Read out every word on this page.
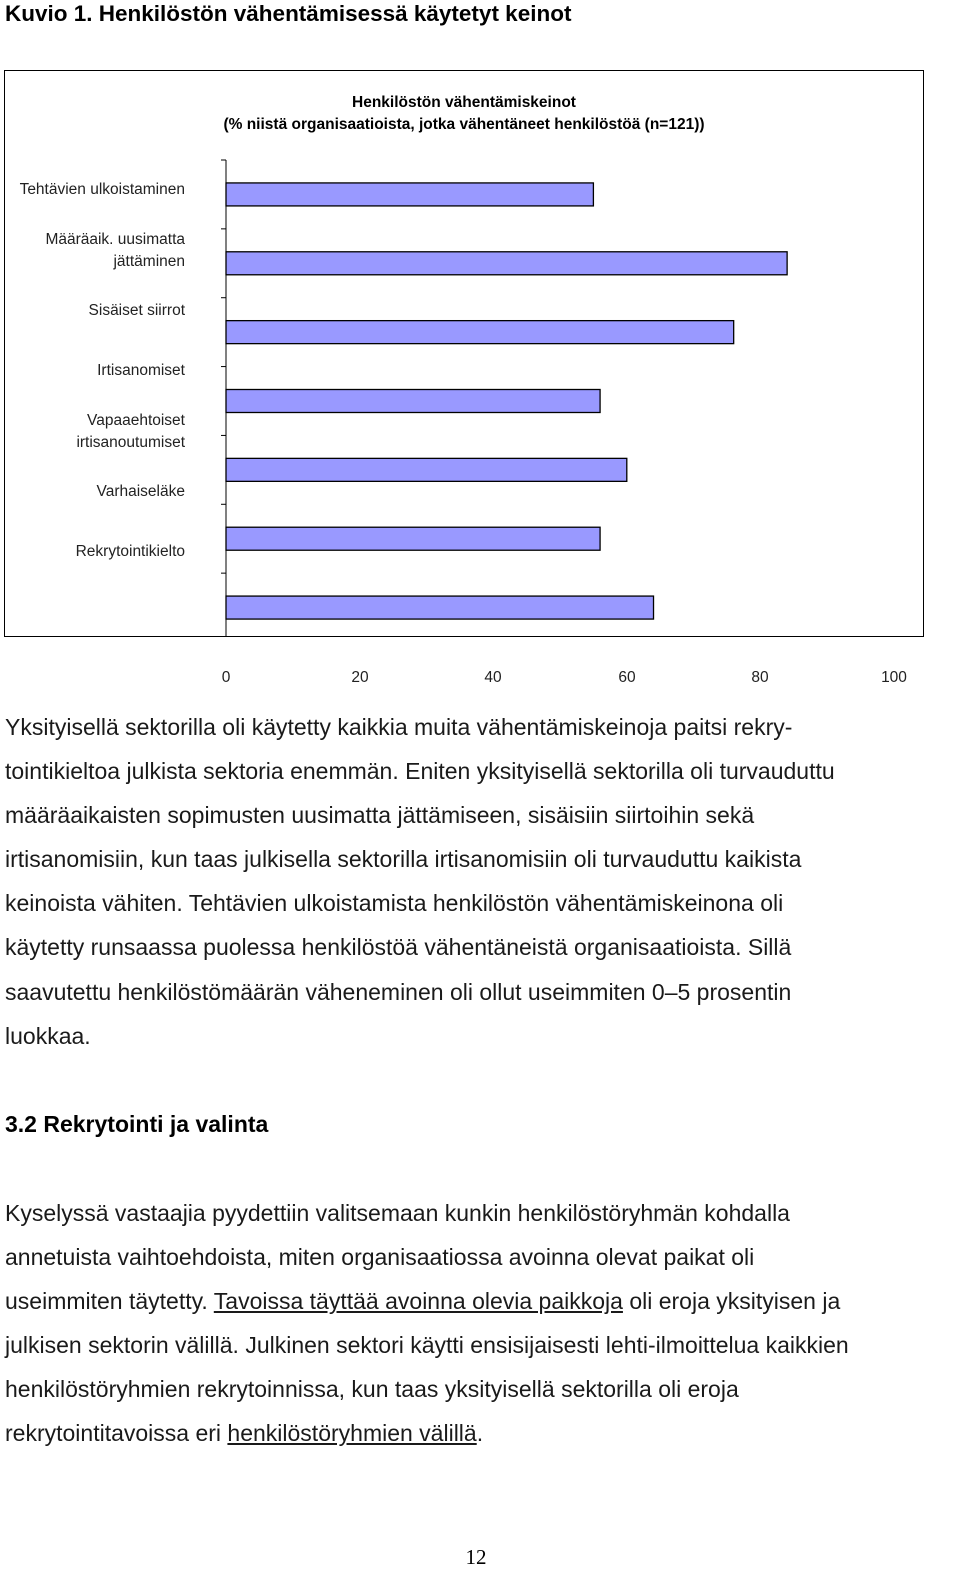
Kuvio 1. Henkilöstön vähentämisessä käytetyt keinot
Henkilöstön vähentämiskeinot
(% niistä organisaatioista, jotka vähentäneet henkilöstöä (n=121))
Tehtävien ulkoistaminen
Määräaik. uusimatta
jättäminen
Sisäiset siirrot
Irtisanomiset
Vapaaehtoiset
irtisanoutumiset
Varhaiseläke
Rekrytointikielto
0	20	40	60	80	100
Yksityisellä sektorilla oli käytetty kaikkia muita vähentämiskeinoja paitsi rekry-
tointikieltoa julkista sektoria enemmän. Eniten yksityisellä sektorilla oli turvauduttu
määräaikaisten sopimusten uusimatta jättämiseen, sisäisiin siirtoihin sekä
irtisanomisiin, kun taas julkisella sektorilla irtisanomisiin oli turvauduttu kaikista
keinoista vähiten. Tehtävien ulkoistamista henkilöstön vähentämiskeinona oli
käytetty runsaassa puolessa henkilöstöä vähentäneistä organisaatioista. Sillä
saavutettu henkilöstömäärän väheneminen oli ollut useimmiten 0–5 prosentin
luokkaa.
3.2 Rekrytointi ja valinta
Kyselyssä vastaajia pyydettiin valitsemaan kunkin henkilöstöryhmän kohdalla
annetuista vaihtoehdoista, miten organisaatiossa avoinna olevat paikat oli
useimmiten täytetty. Tavoissa täyttää avoinna olevia paikkoja oli eroja yksityisen ja
julkisen sektorin välillä. Julkinen sektori käytti ensisijaisesti lehti-ilmoittelua kaikkien
henkilöstöryhmien rekrytoinnissa, kun taas yksityisellä sektorilla oli eroja
rekrytointitavoissa eri henkilöstöryhmien välillä.
12
